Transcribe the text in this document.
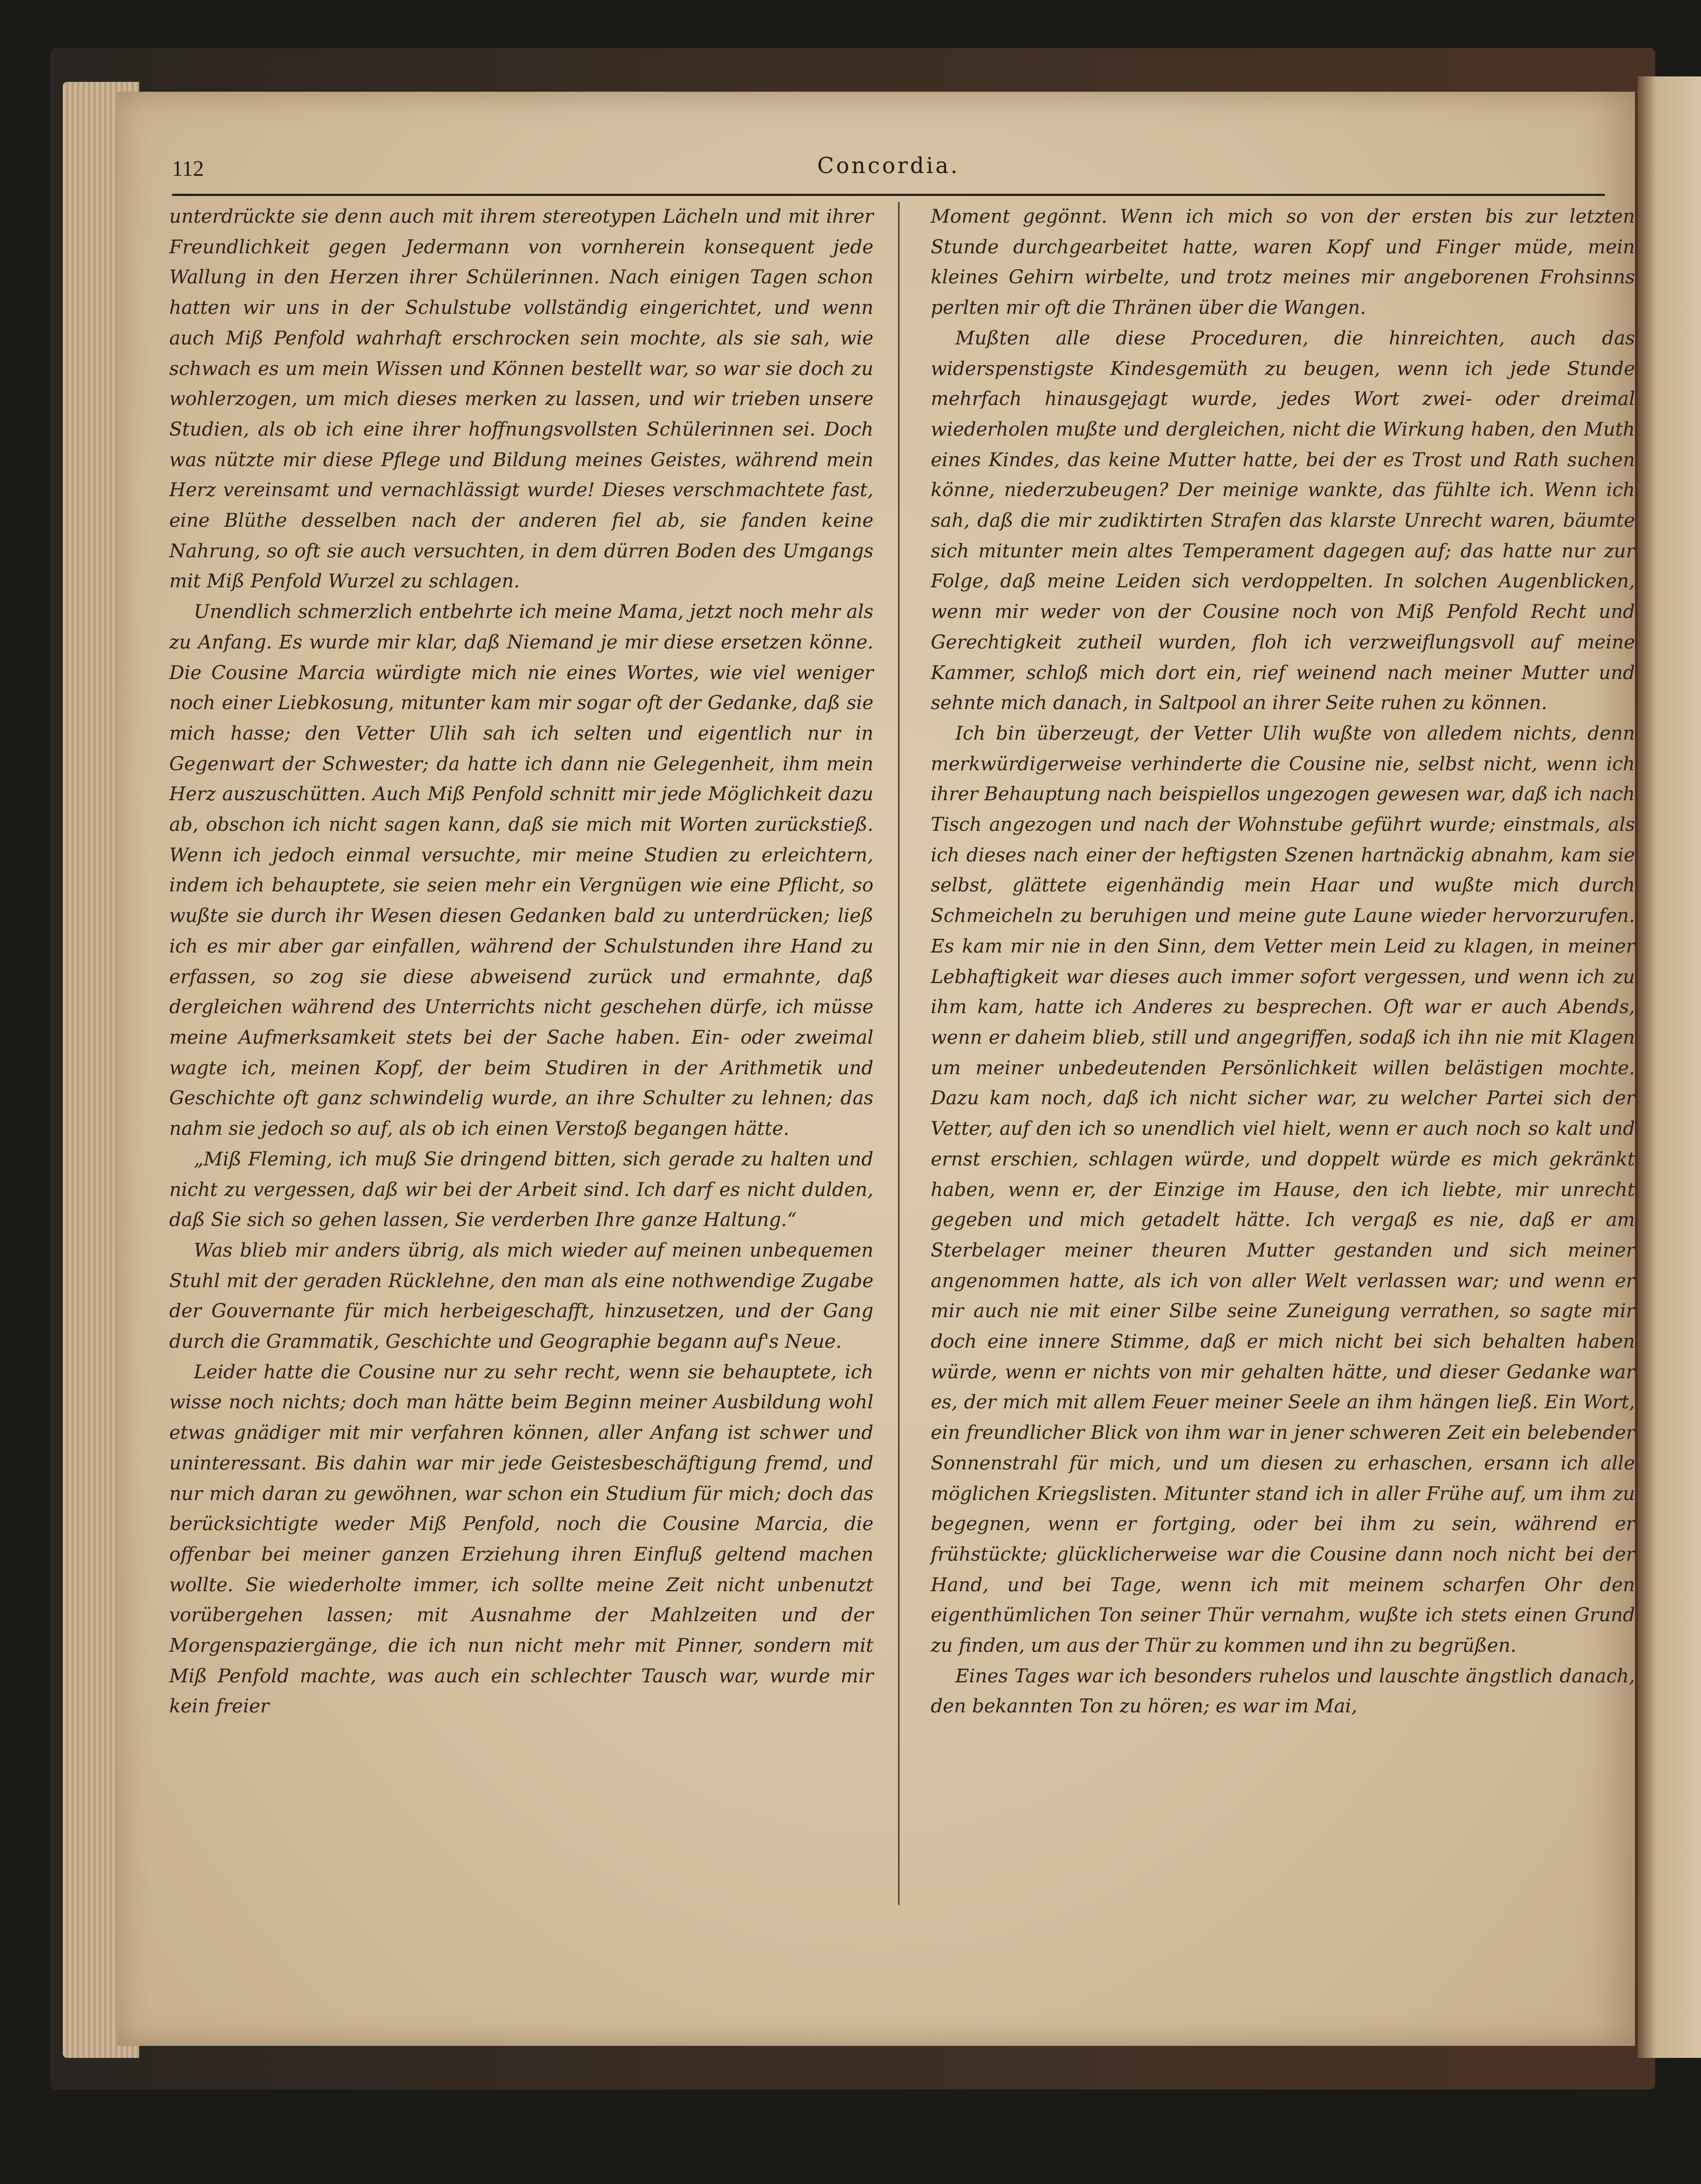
112	Concordia.

unterdrückte sie denn auch mit ihrem stereotypen Lächeln und mit ihrer Freundlichkeit gegen Jedermann von vornherein konsequent jede Wallung in den Herzen ihrer Schülerinnen. Nach einigen Tagen schon hatten wir uns in der Schulstube vollständig eingerichtet, und wenn auch Miß Penfold wahrhaft erschrocken sein mochte, als sie sah, wie schwach es um mein Wissen und Können bestellt war, so war sie doch zu wohlerzogen, um mich dieses merken zu lassen, und wir trieben unsere Studien, als ob ich eine ihrer hoffnungsvollsten Schülerinnen sei. Doch was nützte mir diese Pflege und Bildung meines Geistes, während mein Herz vereinsamt und vernachlässigt wurde! Dieses verschmachtete fast, eine Blüthe desselben nach der anderen fiel ab, sie fanden keine Nahrung, so oft sie auch versuchten, in dem dürren Boden des Umgangs mit Miß Penfold Wurzel zu schlagen.

Unendlich schmerzlich entbehrte ich meine Mama, jetzt noch mehr als zu Anfang. Es wurde mir klar, daß Niemand je mir diese ersetzen könne. Die Cousine Marcia würdigte mich nie eines Wortes, wie viel weniger noch einer Liebkosung, mitunter kam mir sogar oft der Gedanke, daß sie mich hasse; den Vetter Ulih sah ich selten und eigentlich nur in Gegenwart der Schwester; da hatte ich dann nie Gelegenheit, ihm mein Herz auszuschütten. Auch Miß Penfold schnitt mir jede Möglichkeit dazu ab, obschon ich nicht sagen kann, daß sie mich mit Worten zurückstieß. Wenn ich jedoch einmal versuchte, mir meine Studien zu erleichtern, indem ich behauptete, sie seien mehr ein Vergnügen wie eine Pflicht, so wußte sie durch ihr Wesen diesen Gedanken bald zu unterdrücken; ließ ich es mir aber gar einfallen, während der Schulstunden ihre Hand zu erfassen, so zog sie diese abweisend zurück und ermahnte, daß dergleichen während des Unterrichts nicht geschehen dürfe, ich müsse meine Aufmerksamkeit stets bei der Sache haben. Ein- oder zweimal wagte ich, meinen Kopf, der beim Studiren in der Arithmetik und Geschichte oft ganz schwindelig wurde, an ihre Schulter zu lehnen; das nahm sie jedoch so auf, als ob ich einen Verstoß begangen hätte.

„Miß Fleming, ich muß Sie dringend bitten, sich gerade zu halten und nicht zu vergessen, daß wir bei der Arbeit sind. Ich darf es nicht dulden, daß Sie sich so gehen lassen, Sie verderben Ihre ganze Haltung.“

Was blieb mir anders übrig, als mich wieder auf meinen unbequemen Stuhl mit der geraden Rücklehne, den man als eine nothwendige Zugabe der Gouvernante für mich herbeigeschafft, hinzusetzen, und der Gang durch die Grammatik, Geschichte und Geographie begann auf's Neue.

Leider hatte die Cousine nur zu sehr recht, wenn sie behauptete, ich wisse noch nichts; doch man hätte beim Beginn meiner Ausbildung wohl etwas gnädiger mit mir verfahren können, aller Anfang ist schwer und uninteressant. Bis dahin war mir jede Geistesbeschäftigung fremd, und nur mich daran zu gewöhnen, war schon ein Studium für mich; doch das berücksichtigte weder Miß Penfold, noch die Cousine Marcia, die offenbar bei meiner ganzen Erziehung ihren Einfluß geltend machen wollte. Sie wiederholte immer, ich sollte meine Zeit nicht unbenutzt vorübergehen lassen; mit Ausnahme der Mahlzeiten und der Morgenspaziergänge, die ich nun nicht mehr mit Pinner, sondern mit Miß Penfold machte, was auch ein schlechter Tausch war, wurde mir kein freier

Moment gegönnt. Wenn ich mich so von der ersten bis zur letzten Stunde durchgearbeitet hatte, waren Kopf und Finger müde, mein kleines Gehirn wirbelte, und trotz meines mir angeborenen Frohsinns perlten mir oft die Thränen über die Wangen.

Mußten alle diese Proceduren, die hinreichten, auch das widerspenstigste Kindesgemüth zu beugen, wenn ich jede Stunde mehrfach hinausgejagt wurde, jedes Wort zwei- oder dreimal wiederholen mußte und dergleichen, nicht die Wirkung haben, den Muth eines Kindes, das keine Mutter hatte, bei der es Trost und Rath suchen könne, niederzubeugen? Der meinige wankte, das fühlte ich. Wenn ich sah, daß die mir zudiktirten Strafen das klarste Unrecht waren, bäumte sich mitunter mein altes Temperament dagegen auf; das hatte nur zur Folge, daß meine Leiden sich verdoppelten. In solchen Augenblicken, wenn mir weder von der Cousine noch von Miß Penfold Recht und Gerechtigkeit zutheil wurden, floh ich verzweiflungsvoll auf meine Kammer, schloß mich dort ein, rief weinend nach meiner Mutter und sehnte mich danach, in Saltpool an ihrer Seite ruhen zu können.

Ich bin überzeugt, der Vetter Ulih wußte von alledem nichts, denn merkwürdigerweise verhinderte die Cousine nie, selbst nicht, wenn ich ihrer Behauptung nach beispiellos ungezogen gewesen war, daß ich nach Tisch angezogen und nach der Wohnstube geführt wurde; einstmals, als ich dieses nach einer der heftigsten Szenen hartnäckig abnahm, kam sie selbst, glättete eigenhändig mein Haar und wußte mich durch Schmeicheln zu beruhigen und meine gute Laune wieder hervorzurufen. Es kam mir nie in den Sinn, dem Vetter mein Leid zu klagen, in meiner Lebhaftigkeit war dieses auch immer sofort vergessen, und wenn ich zu ihm kam, hatte ich Anderes zu besprechen. Oft war er auch Abends, wenn er daheim blieb, still und angegriffen, sodaß ich ihn nie mit Klagen um meiner unbedeutenden Persönlichkeit willen belästigen mochte. Dazu kam noch, daß ich nicht sicher war, zu welcher Partei sich der Vetter, auf den ich so unendlich viel hielt, wenn er auch noch so kalt und ernst erschien, schlagen würde, und doppelt würde es mich gekränkt haben, wenn er, der Einzige im Hause, den ich liebte, mir unrecht gegeben und mich getadelt hätte. Ich vergaß es nie, daß er am Sterbelager meiner theuren Mutter gestanden und sich meiner angenommen hatte, als ich von aller Welt verlassen war; und wenn er mir auch nie mit einer Silbe seine Zuneigung verrathen, so sagte mir doch eine innere Stimme, daß er mich nicht bei sich behalten haben würde, wenn er nichts von mir gehalten hätte, und dieser Gedanke war es, der mich mit allem Feuer meiner Seele an ihm hängen ließ. Ein Wort, ein freundlicher Blick von ihm war in jener schweren Zeit ein belebender Sonnenstrahl für mich, und um diesen zu erhaschen, ersann ich alle möglichen Kriegslisten. Mitunter stand ich in aller Frühe auf, um ihm zu begegnen, wenn er fortging, oder bei ihm zu sein, während er frühstückte; glücklicherweise war die Cousine dann noch nicht bei der Hand, und bei Tage, wenn ich mit meinem scharfen Ohr den eigenthümlichen Ton seiner Thür vernahm, wußte ich stets einen Grund zu finden, um aus der Thür zu kommen und ihn zu begrüßen.

Eines Tages war ich besonders ruhelos und lauschte ängstlich danach, den bekannten Ton zu hören; es war im Mai,
